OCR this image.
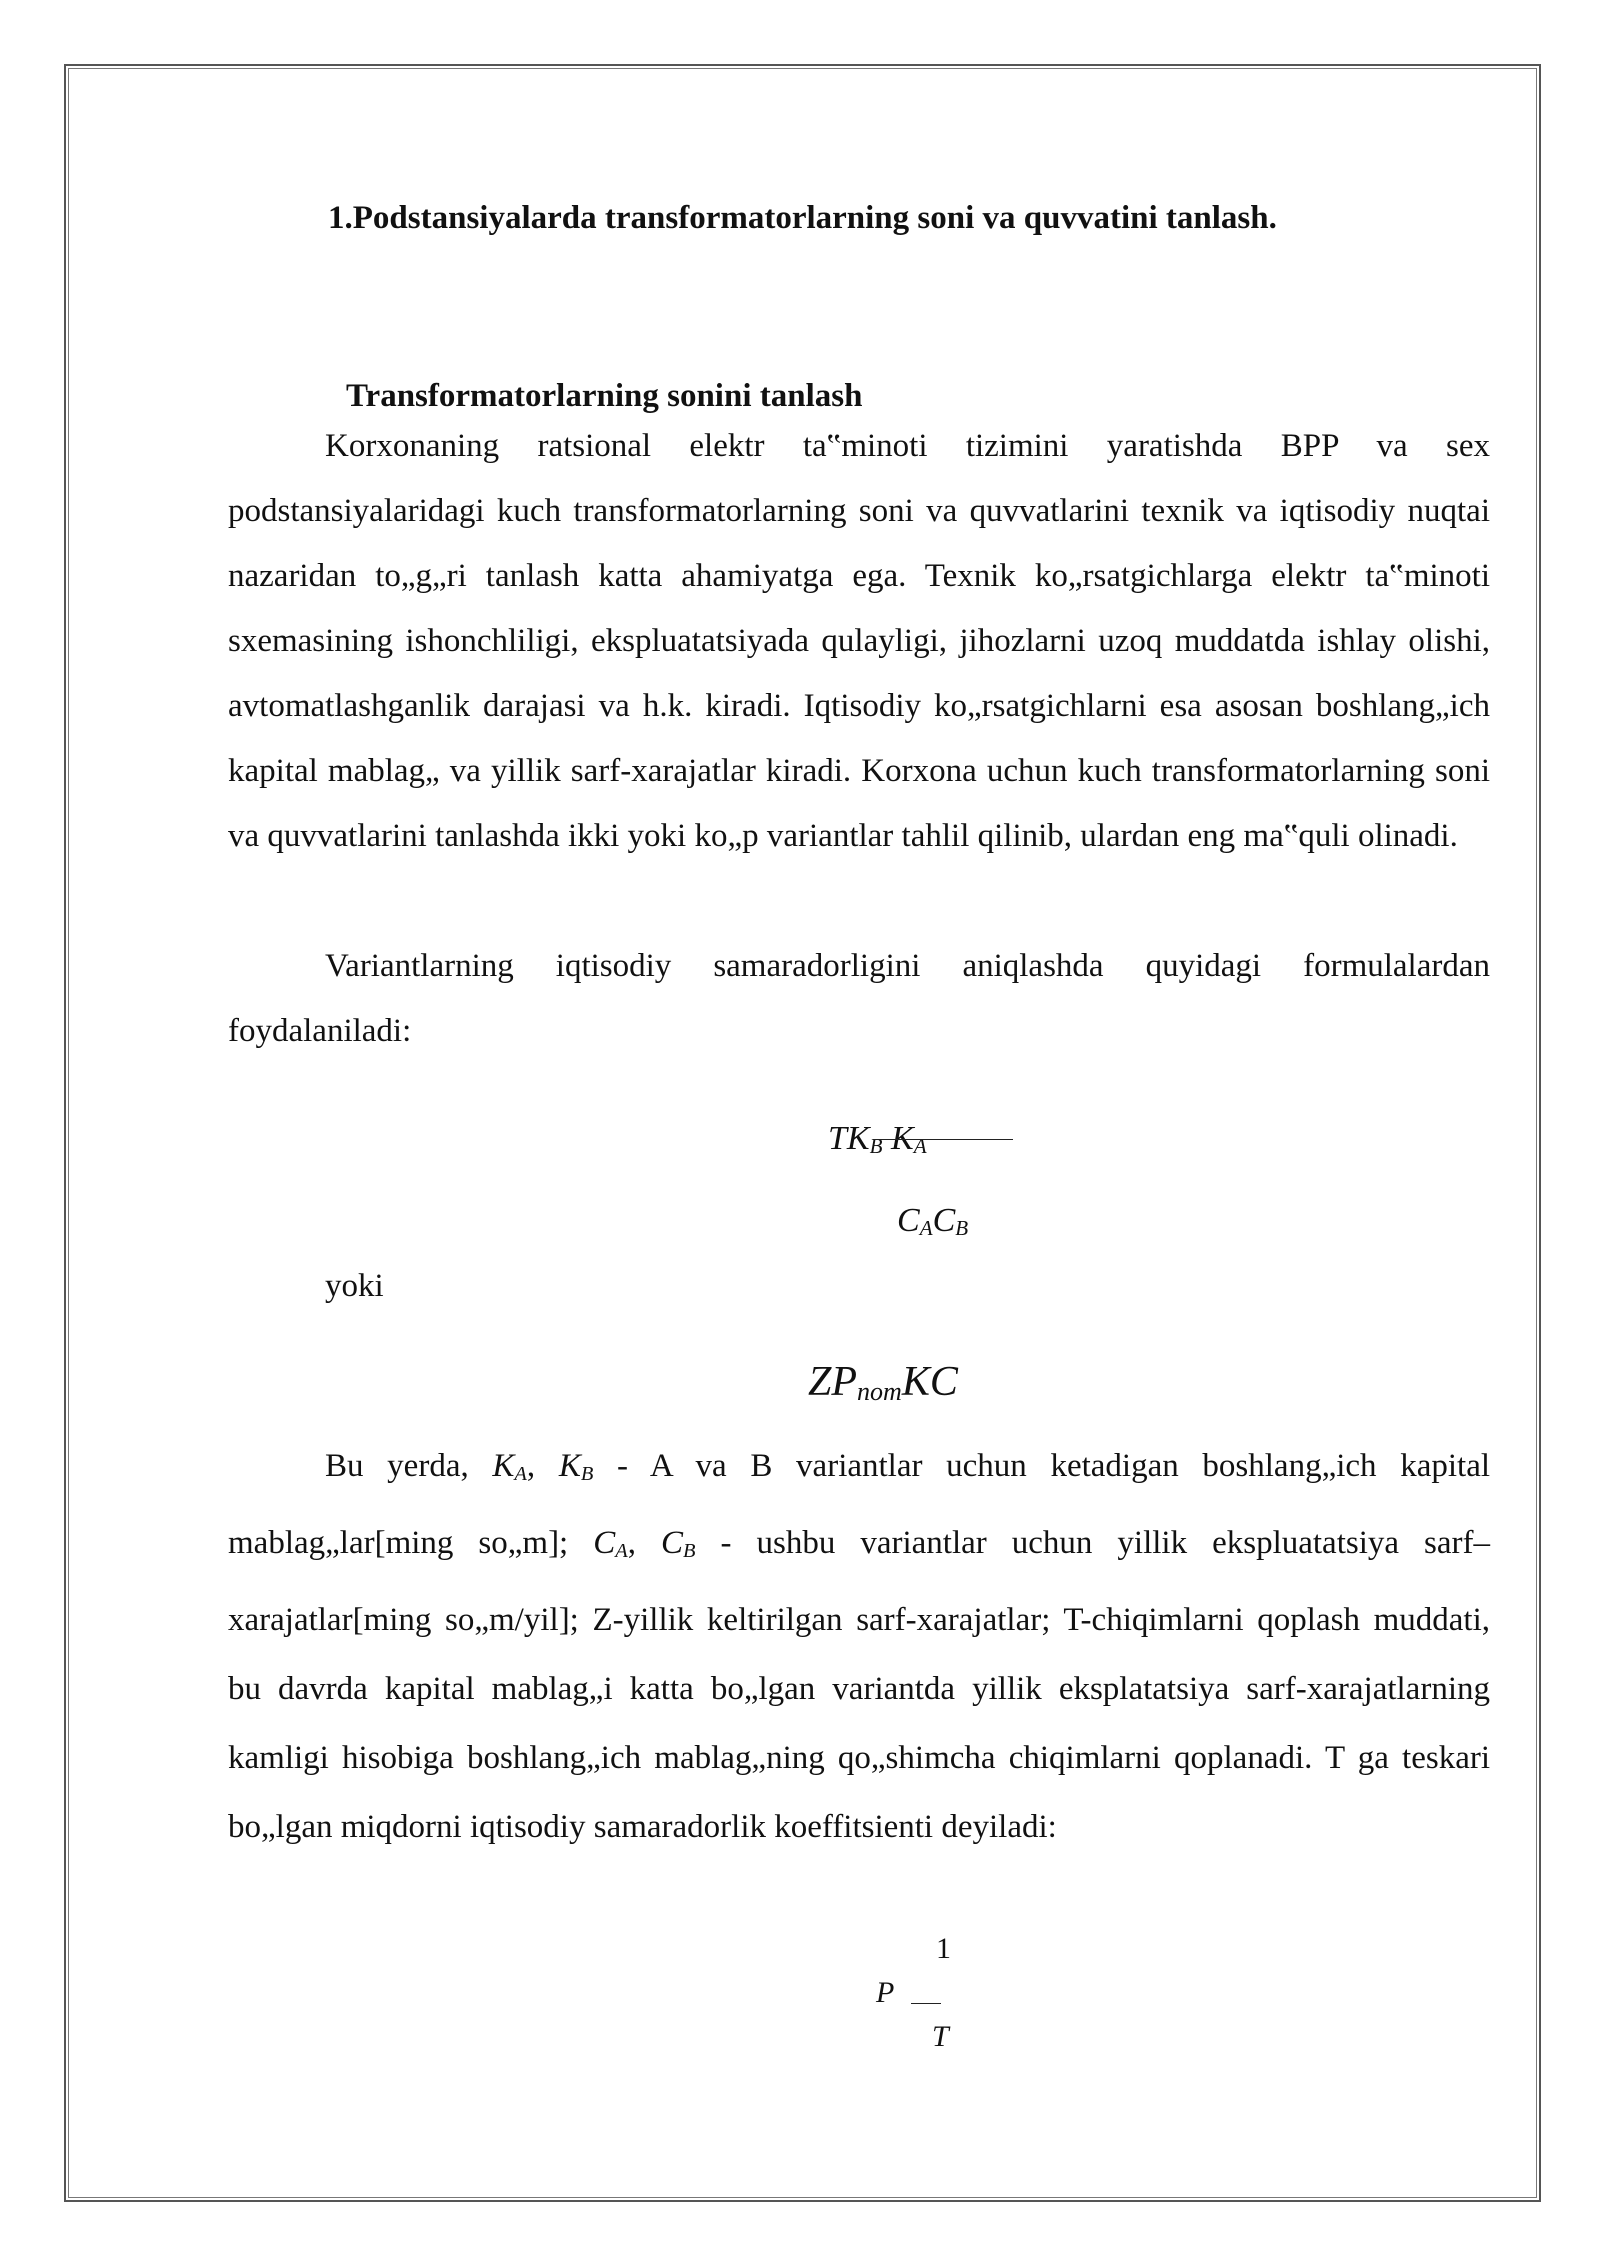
1.Podstansiyalarda transformatorlarning soni va quvvatini tanlash.
Transformatorlarning sonini tanlash

Korxonaning ratsional elektr ta‟minoti tizimini yaratishda BPP va sex podstansiyalaridagi kuch transformatorlarning soni va quvvatlarini texnik va iqtisodiy nuqtai nazaridan to„g„ri tanlash katta ahamiyatga ega. Texnik ko„rsatgichlarga elektr ta‟minoti sxemasining ishonchliligi, ekspluatatsiyada qulayligi, jihozlarni uzoq muddatda ishlay olishi, avtomatlashganlik darajasi va h.k. kiradi. Iqtisodiy ko„rsatgichlarni esa asosan boshlang„ich kapital mablag„ va yillik sarf-xarajatlar kiradi. Korxona uchun kuch transformatorlarning soni va quvvatlarini tanlashda ikki yoki ko„p variantlar tahlil qilinib, ulardan eng ma‟quli olinadi.

Variantlarning iqtisodiy samaradorligini aniqlashda quyidagi formulalardan foydalaniladi:

$TK_B$ $K_A$
$C_AC_B$
yoki
$ZP_{nom}KC$

Bu yerda, $K_A$, $K_B$ - A va B variantlar uchun ketadigan boshlang„ich kapital mablag„lar[ming so„m]; $C_A$, $C_B$ - ushbu variantlar uchun yillik ekspluatatsiya sarf–xarajatlar[ming so„m/yil]; Z-yillik keltirilgan sarf-xarajatlar; T-chiqimlarni qoplash muddati, bu davrda kapital mablag„i katta bo„lgan variantda yillik eksplatatsiya sarf-xarajatlarning kamligi hisobiga boshlang„ich mablag„ning qo„shimcha chiqimlarni qoplanadi. T ga teskari bo„lgan miqdorni iqtisodiy samaradorlik koeffitsienti deyiladi:

1
P
T
